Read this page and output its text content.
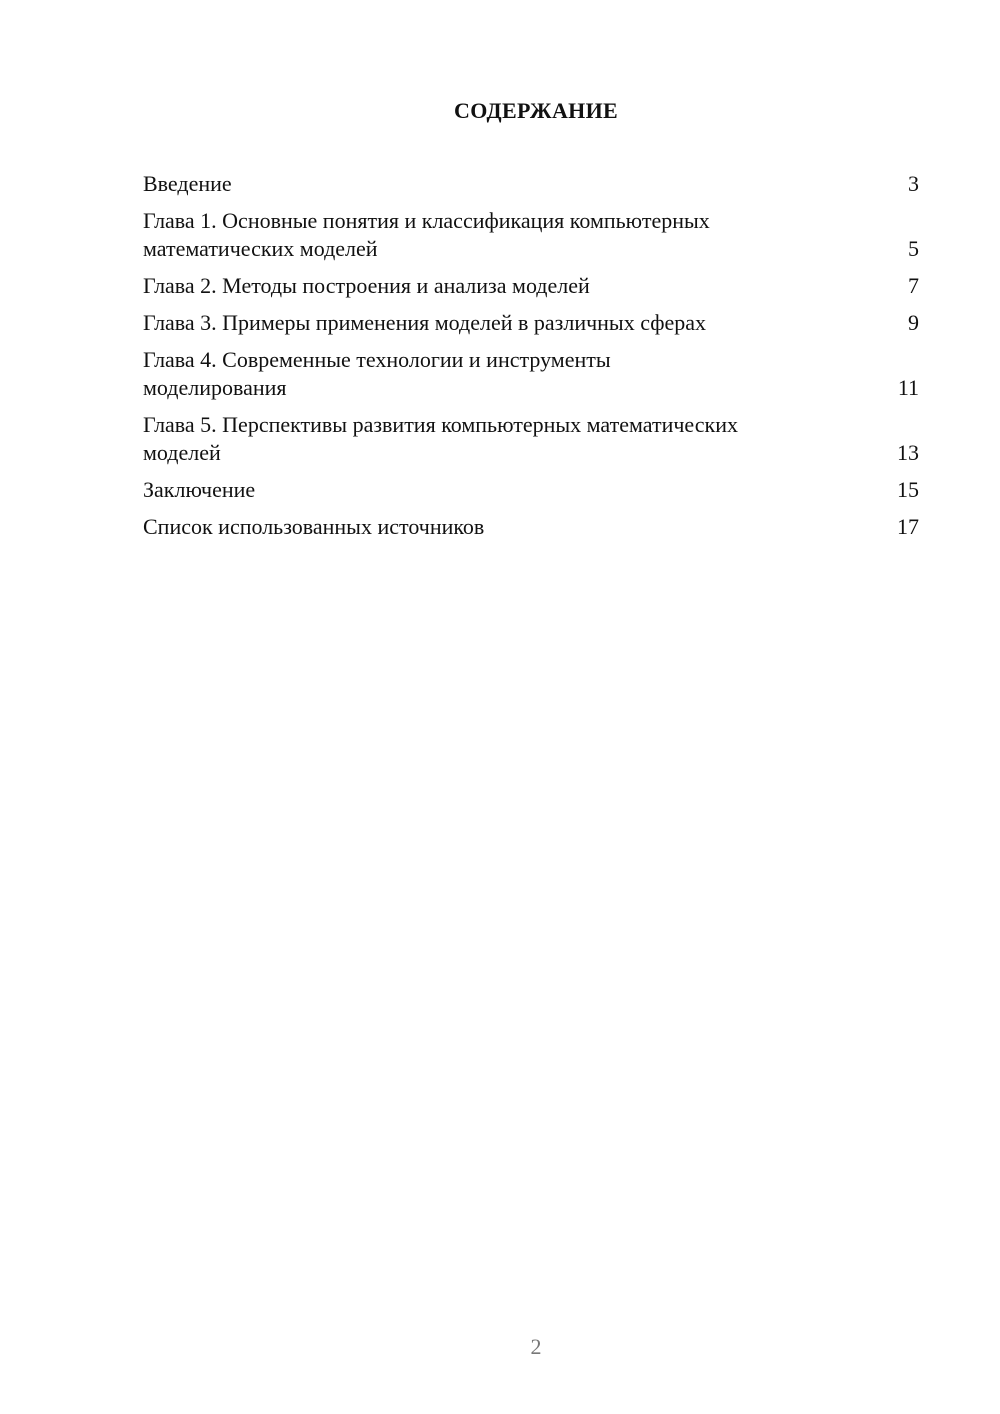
СОДЕРЖАНИЕ
Введение	3
Глава 1. Основные понятия и классификация компьютерных
математических моделей	5
Глава 2. Методы построения и анализа моделей	7
Глава 3. Примеры применения моделей в различных сферах	9
Глава 4. Современные технологии и инструменты
моделирования	11
Глава 5. Перспективы развития компьютерных математических
моделей	13
Заключение	15
Список использованных источников	17
2
